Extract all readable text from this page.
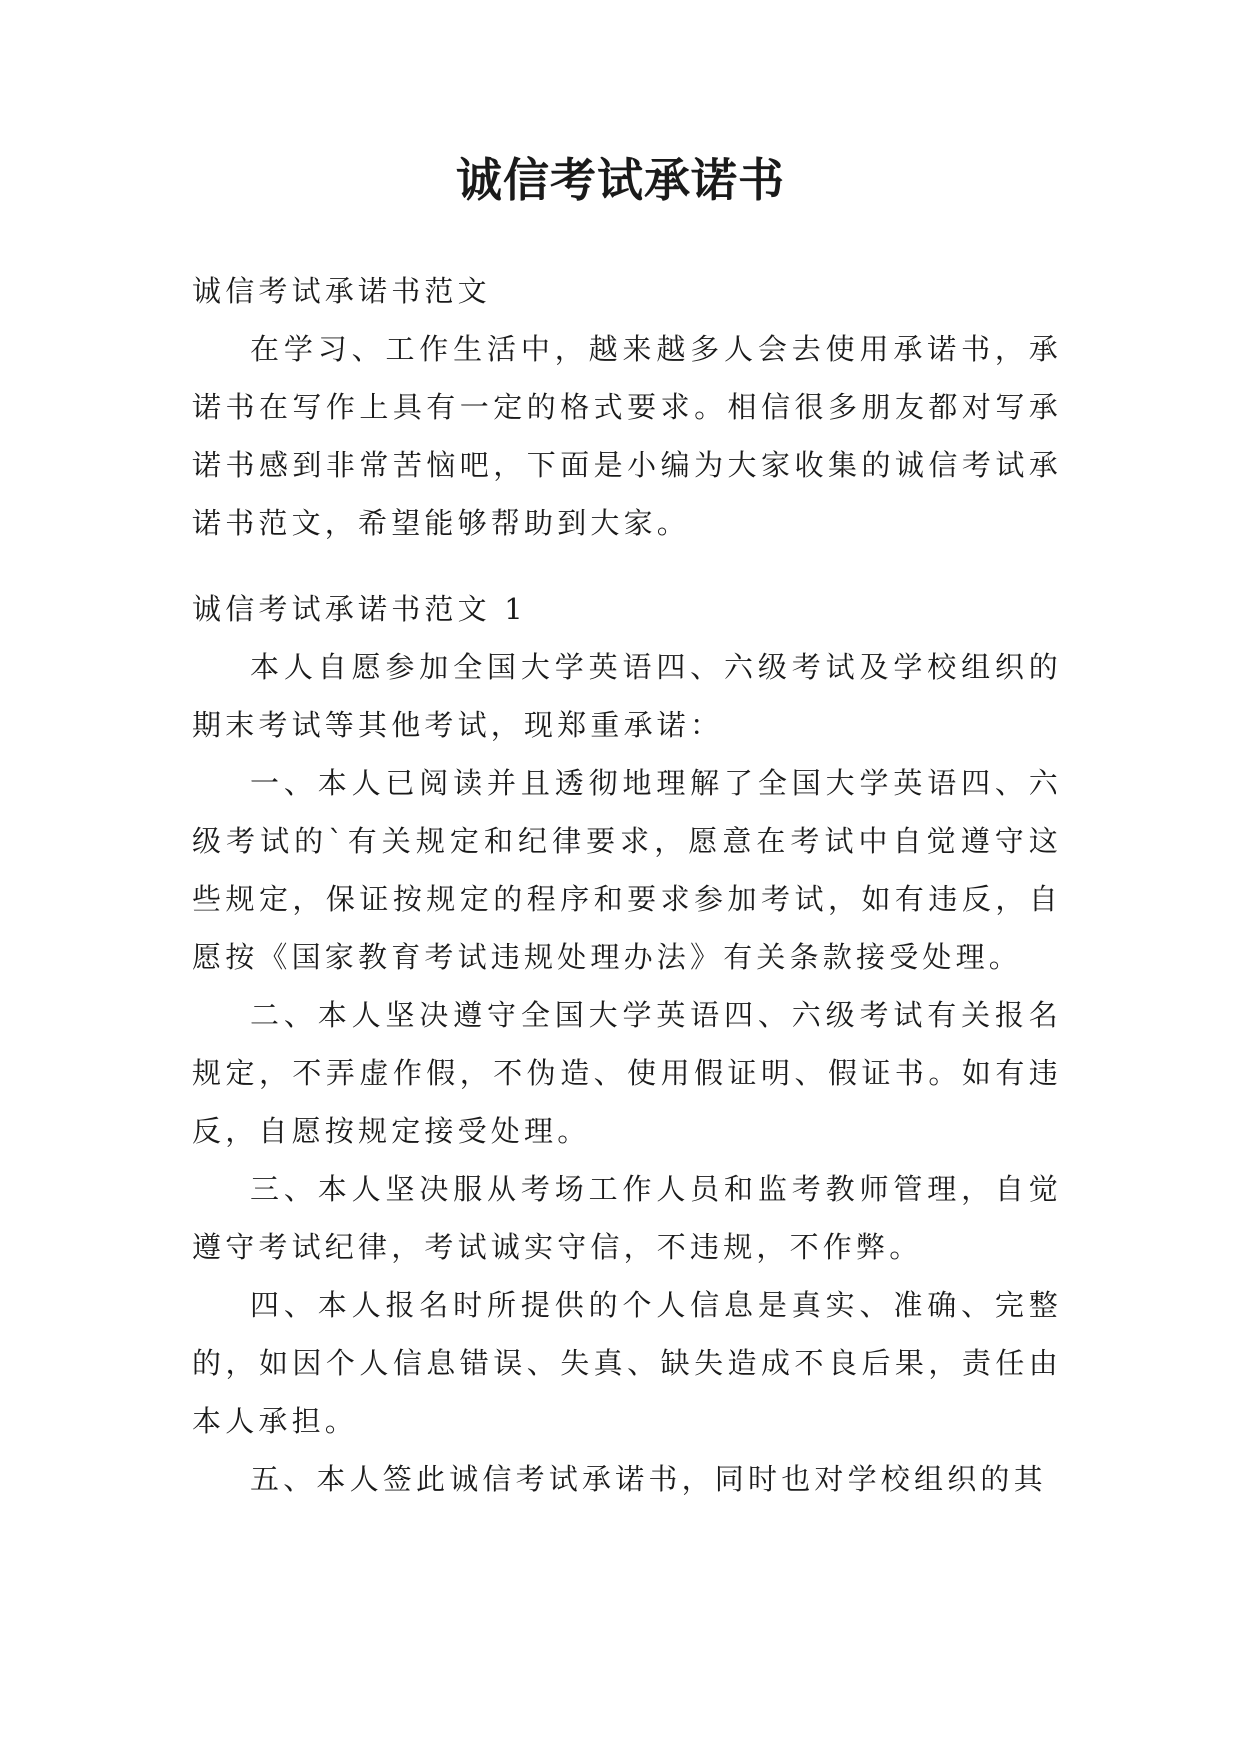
诚信考试承诺书

诚信考试承诺书范文

在学习、工作生活中，越来越多人会去使用承诺书，承诺书在写作上具有一定的格式要求。相信很多朋友都对写承诺书感到非常苦恼吧，下面是小编为大家收集的诚信考试承诺书范文，希望能够帮助到大家。

诚信考试承诺书范文 1

本人自愿参加全国大学英语四、六级考试及学校组织的期末考试等其他考试，现郑重承诺：

一、本人已阅读并且透彻地理解了全国大学英语四、六级考试的`有关规定和纪律要求，愿意在考试中自觉遵守这些规定，保证按规定的程序和要求参加考试，如有违反，自愿按《国家教育考试违规处理办法》有关条款接受处理。

二、本人坚决遵守全国大学英语四、六级考试有关报名规定，不弄虚作假，不伪造、使用假证明、假证书。如有违反，自愿按规定接受处理。

三、本人坚决服从考场工作人员和监考教师管理，自觉遵守考试纪律，考试诚实守信，不违规，不作弊。

四、本人报名时所提供的个人信息是真实、准确、完整的，如因个人信息错误、失真、缺失造成不良后果，责任由本人承担。

五、本人签此诚信考试承诺书，同时也对学校组织的其
